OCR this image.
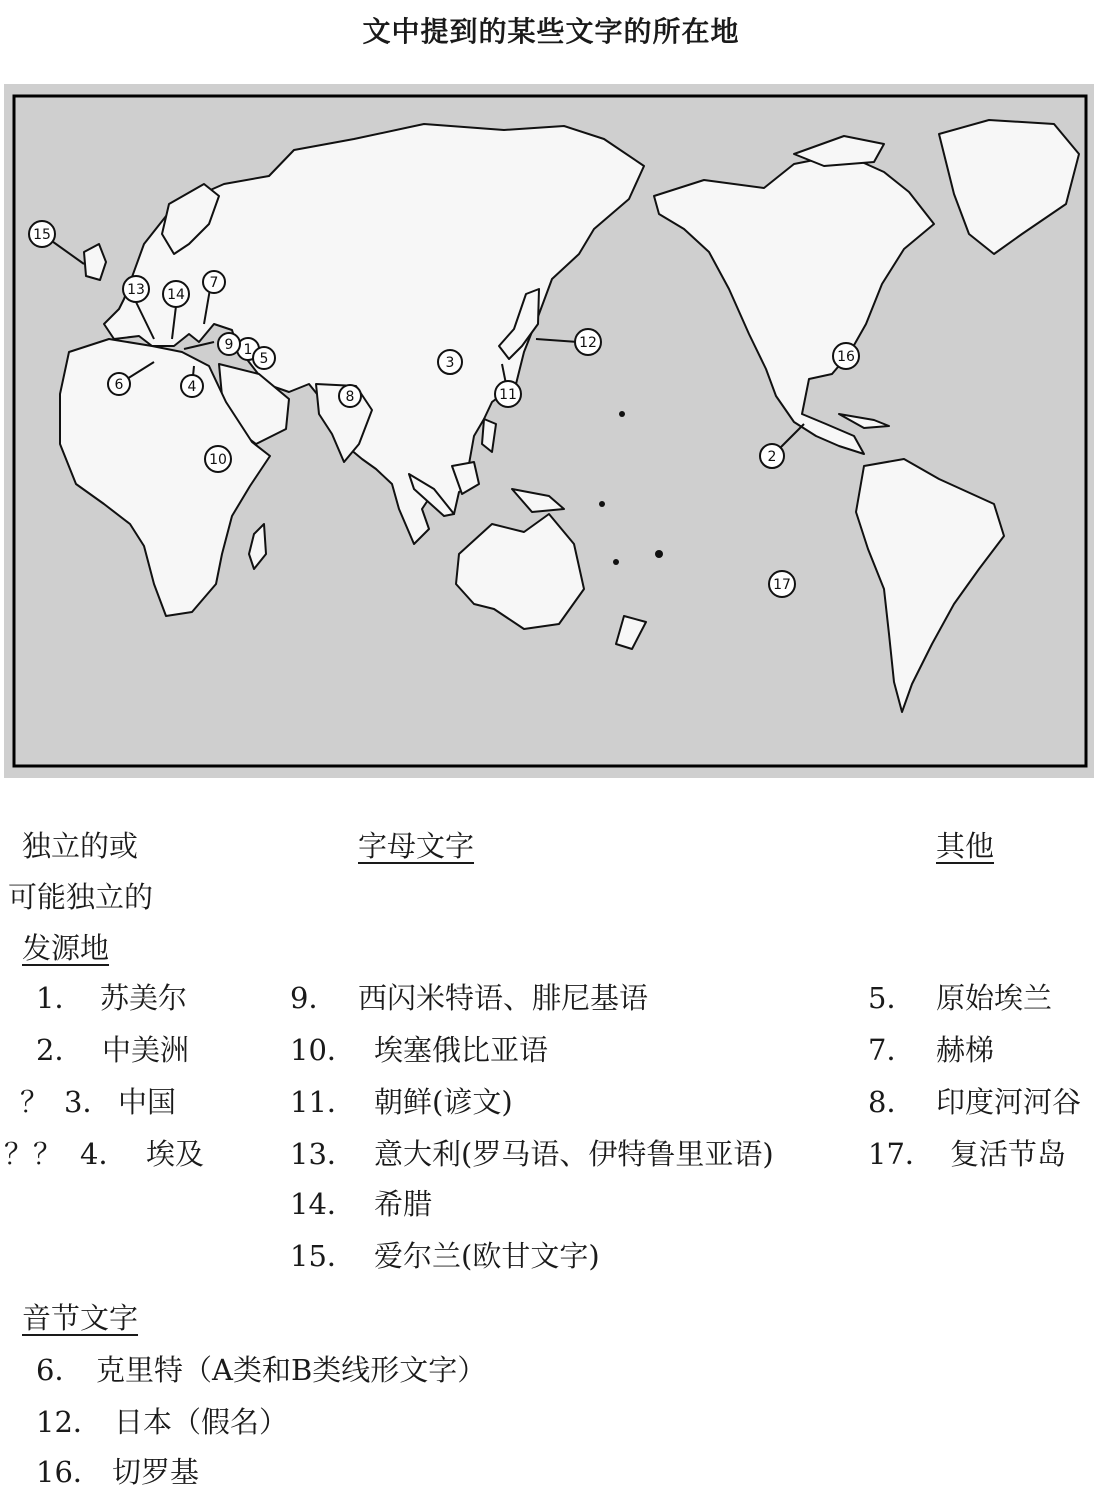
文中提到的某些文字的所在地
15
1
2
3
4
5
6
7
8
9
10
11
12
13 14
16
17
独立的或
可能独立的
发源地
1． 苏美尔
2． 中美洲
？ 3． 中国
？？ 4． 埃及
字母文字
9． 西闪米特语、腓尼基语
10． 埃塞俄比亚语
11． 朝鲜(谚文)
13． 意大利(罗马语、伊特鲁里亚语)
14． 希腊
15． 爱尔兰(欧甘文字)
其他
5． 原始埃兰
7． 赫梯
8． 印度河河谷
17． 复活节岛
音节文字
6． 克里特（A类和B类线形文字）
12． 日本（假名）
16． 切罗基
